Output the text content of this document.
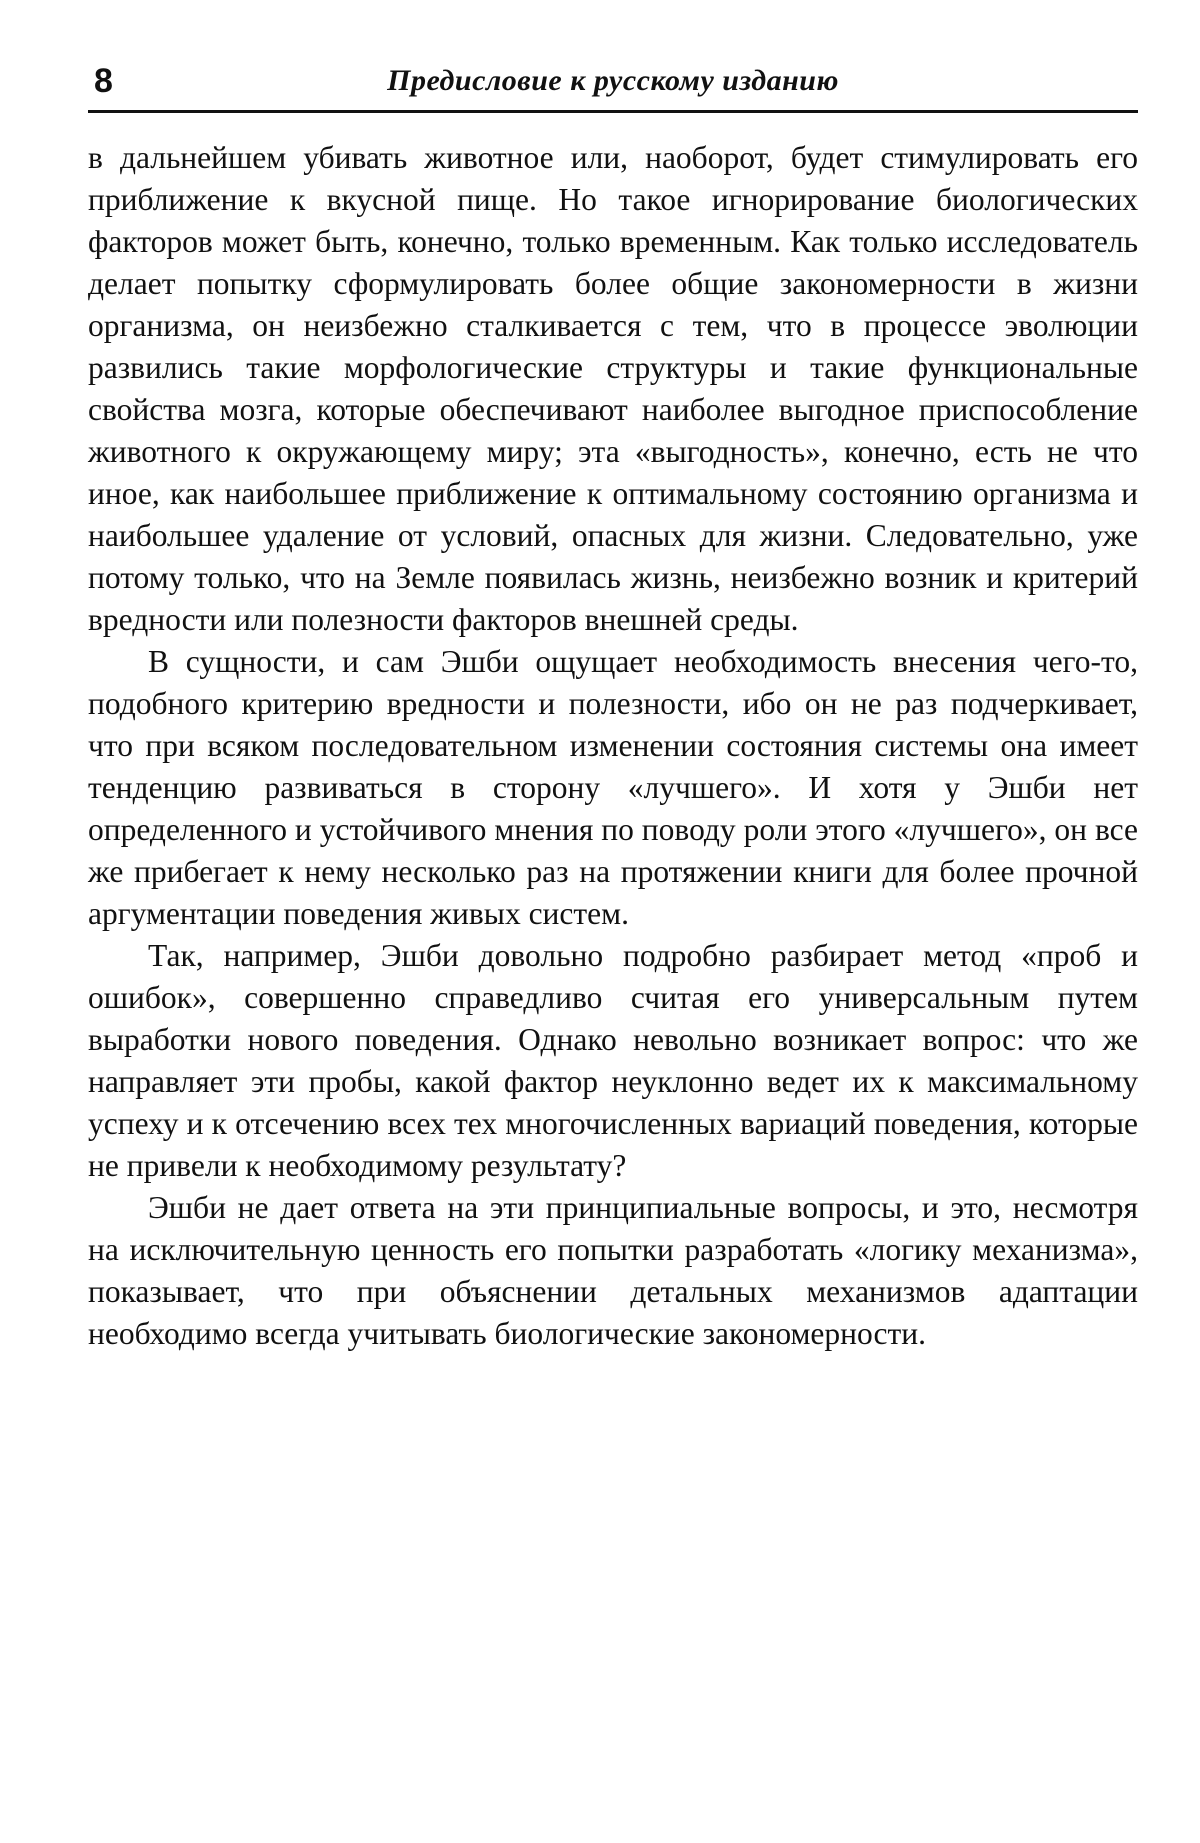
8	Предисловие к русскому изданию

в дальнейшем убивать животное или, наоборот, будет стимулировать его приближение к вкусной пище. Но такое игнорирование биологических факторов может быть, конечно, только временным. Как только исследователь делает попытку сформулировать более общие закономерности в жизни организма, он неизбежно сталкивается с тем, что в процессе эволюции развились такие морфологические структуры и такие функциональные свойства мозга, которые обеспечивают наиболее выгодное приспособление животного к окружающему миру; эта «выгодность», конечно, есть не что иное, как наибольшее приближение к оптимальному состоянию организма и наибольшее удаление от условий, опасных для жизни. Следовательно, уже потому только, что на Земле появилась жизнь, неизбежно возник и критерий вредности или полезности факторов внешней среды.

В сущности, и сам Эшби ощущает необходимость внесения чего-то, подобного критерию вредности и полезности, ибо он не раз подчеркивает, что при всяком последовательном изменении состояния системы она имеет тенденцию развиваться в сторону «лучшего». И хотя у Эшби нет определенного и устойчивого мнения по поводу роли этого «лучшего», он все же прибегает к нему несколько раз на протяжении книги для более прочной аргументации поведения живых систем.

Так, например, Эшби довольно подробно разбирает метод «проб и ошибок», совершенно справедливо считая его универсальным путем выработки нового поведения. Однако невольно возникает вопрос: что же направляет эти пробы, какой фактор неуклонно ведет их к максимальному успеху и к отсечению всех тех многочисленных вариаций поведения, которые не привели к необходимому результату?

Эшби не дает ответа на эти принципиальные вопросы, и это, несмотря на исключительную ценность его попытки разработать «логику механизма», показывает, что при объяснении детальных механизмов адаптации необходимо всегда учитывать биологические закономерности.
